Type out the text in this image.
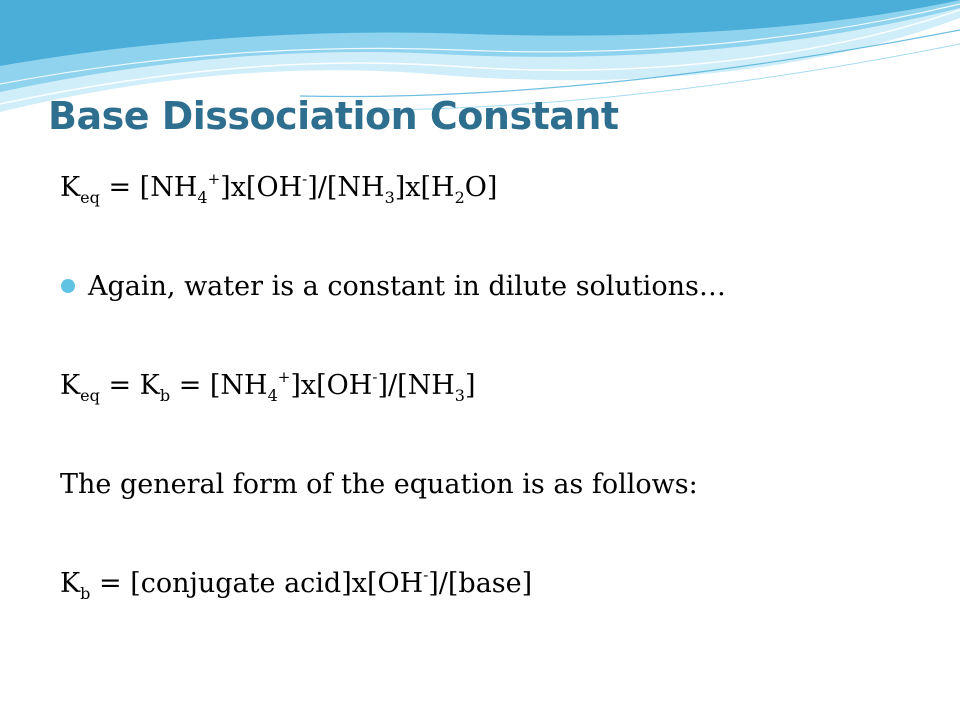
Base Dissociation Constant
$K_{eq} = [NH_4^+]x[OH^-]/[NH_3]x[H_2O]$
Again, water is a constant in dilute solutions…
$K_{eq} = K_b = [NH_4^+]x[OH^-]/[NH_3]$
The general form of the equation is as follows:
$K_b$ = [conjugate acid]x[OH-]/[base]
